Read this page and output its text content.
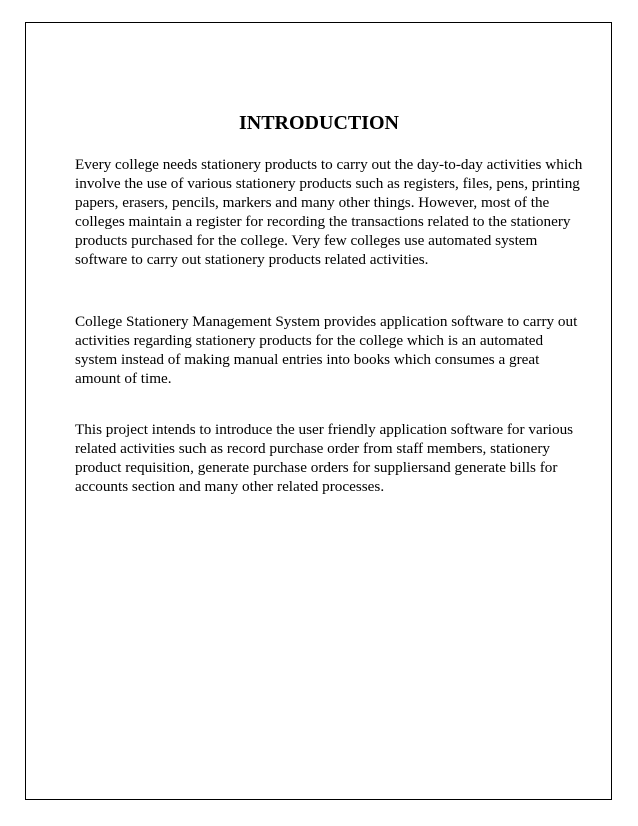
INTRODUCTION

Every college needs stationery products to carry out the day-to-day activities which
involve the use of various stationery products such as registers, files, pens, printing
papers, erasers, pencils, markers and many other things. However, most of the
colleges maintain a register for recording the transactions related to the stationery
products purchased for the college. Very few colleges use automated system
software to carry out stationery products related activities.

College Stationery Management System provides application software to carry out
activities regarding stationery products for the college which is an automated
system instead of making manual entries into books which consumes a great
amount of time.

This project intends to introduce the user friendly application software for various
related activities such as record purchase order from staff members, stationery
product requisition, generate purchase orders for suppliersand generate bills for
accounts section and many other related processes.
